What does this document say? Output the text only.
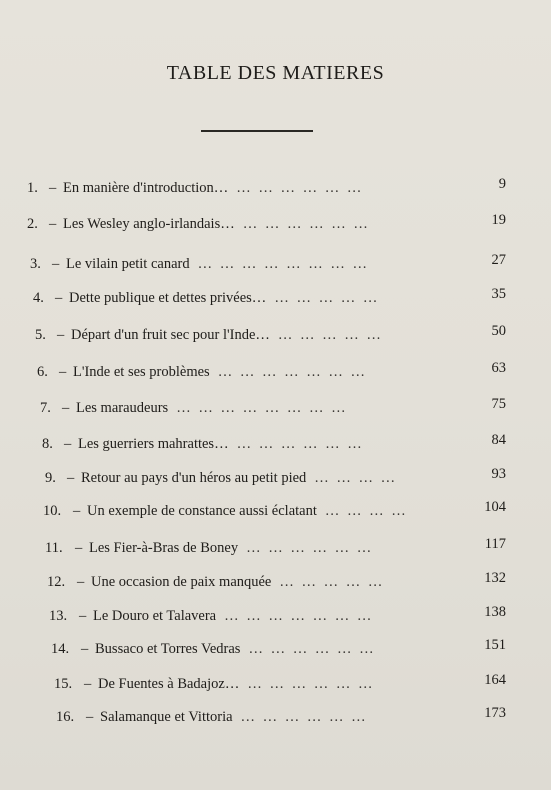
TABLE DES MATIERES
1. – En manière d'introduction… … … … … … …	9
2. – Les Wesley anglo-irlandais… … … … … … …	19
3. – Le vilain petit canard … … … … … … … …	27
4. – Dette publique et dettes privées… … … … … …	35
5. – Départ d'un fruit sec pour l'Inde… … … … … …	50
6. – L'Inde et ses problèmes … … … … … … …	63
7. – Les maraudeurs … … … … … … … …	75
8. – Les guerriers mahrattes… … … … … … …	84
9. – Retour au pays d'un héros au petit pied … … … …	93
10. – Un exemple de constance aussi éclatant … … … …	104
11. – Les Fier-à-Bras de Boney … … … … … …	117
12. – Une occasion de paix manquée … … … … …	132
13. – Le Douro et Talavera … … … … … … …	138
14. – Bussaco et Torres Vedras … … … … … …	151
15. – De Fuentes à Badajoz… … … … … … …	164
16. – Salamanque et Vittoria … … … … … …	173
